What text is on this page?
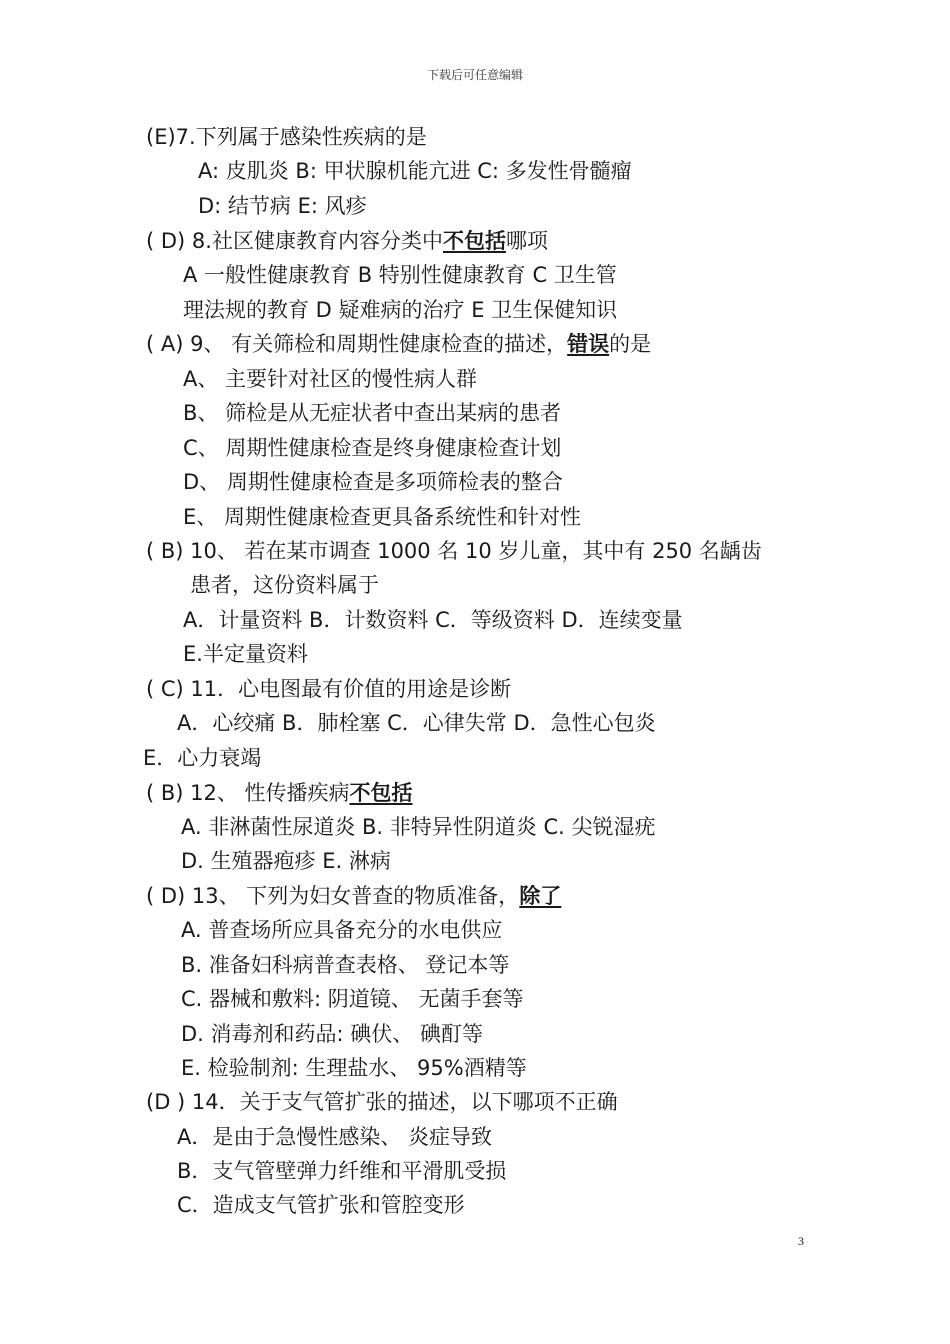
下载后可任意编辑
(E)7.下列属于感染性疾病的是
A: 皮肌炎 B: 甲状腺机能亢进 C: 多发性骨髓瘤
D: 结节病 E: 风疹
( D) 8.社区健康教育内容分类中不包括哪项
A 一般性健康教育 B 特别性健康教育 C 卫生管
理法规的教育 D 疑难病的治疗 E 卫生保健知识
( A) 9、 有关筛检和周期性健康检查的描述，错误的是
A、 主要针对社区的慢性病人群
B、 筛检是从无症状者中查出某病的患者
C、 周期性健康检查是终身健康检查计划
D、 周期性健康检查是多项筛检表的整合
E、 周期性健康检查更具备系统性和针对性
( B) 10、 若在某市调查 1000 名 10 岁儿童，其中有 250 名龋齿
患者，这份资料属于
A．计量资料 B．计数资料 C．等级资料 D．连续变量
E.半定量资料
( C) 11．心电图最有价值的用途是诊断
A．心绞痛 B．肺栓塞 C．心律失常 D．急性心包炎
E．心力衰竭
( B) 12、 性传播疾病不包括
A. 非淋菌性尿道炎 B. 非特异性阴道炎 C. 尖锐湿疣
D. 生殖器疱疹 E. 淋病
( D) 13、 下列为妇女普查的物质准备，除了
A. 普查场所应具备充分的水电供应
B. 准备妇科病普查表格、 登记本等
C. 器械和敷料: 阴道镜、 无菌手套等
D. 消毒剂和药品: 碘伏、 碘酊等
E. 检验制剂: 生理盐水、 95%酒精等
(D ) 14．关于支气管扩张的描述，以下哪项不正确
A．是由于急慢性感染、 炎症导致
B．支气管壁弹力纤维和平滑肌受损
C．造成支气管扩张和管腔变形
3
